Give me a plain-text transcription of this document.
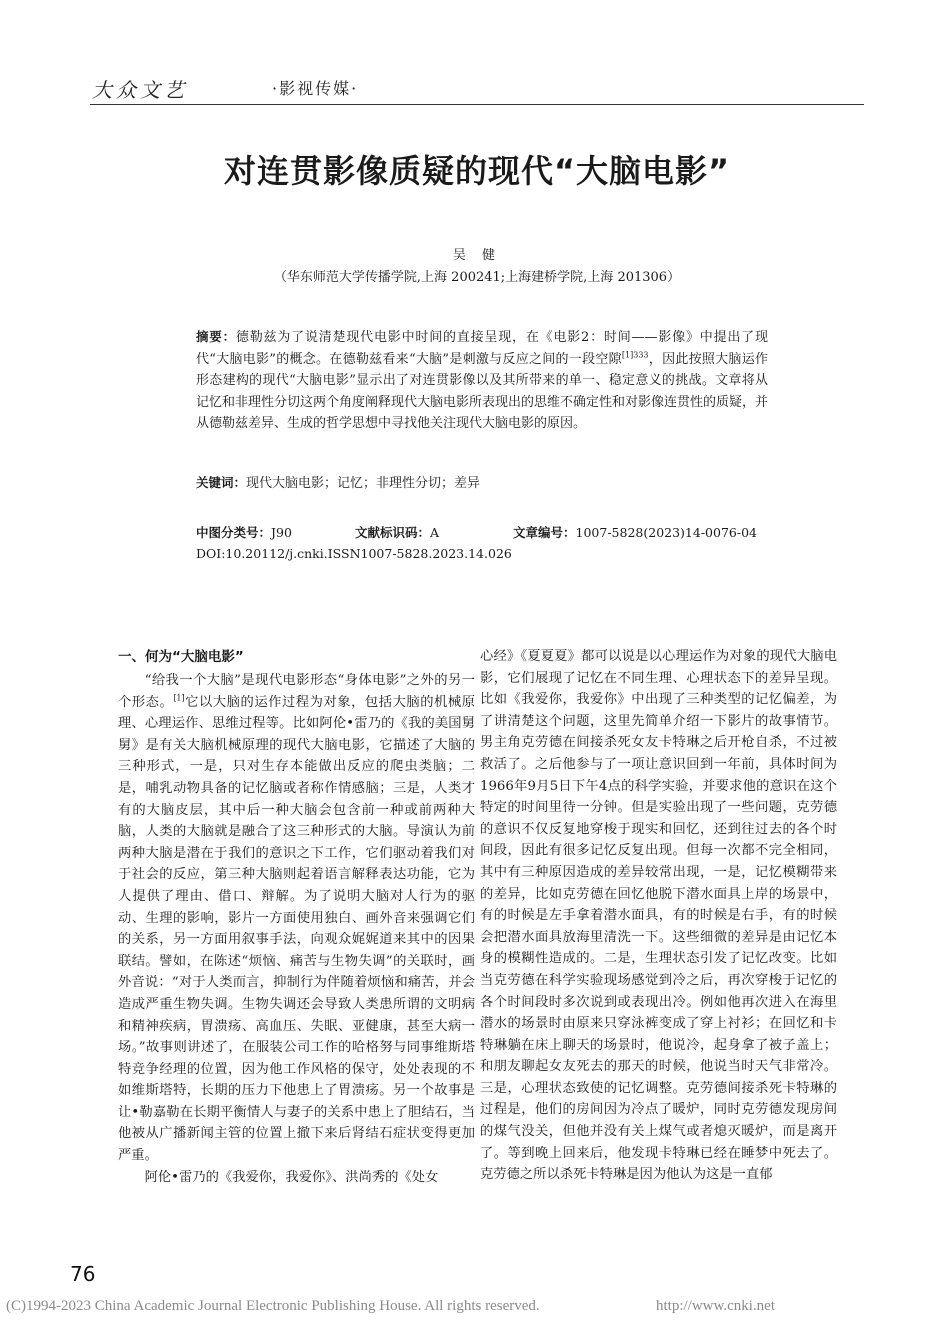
大众文艺	·影视传媒·
对连贯影像质疑的现代“大脑电影”
吴 健
（华东师范大学传播学院,上海 200241;上海建桥学院,上海 201306）
摘要：德勒兹为了说清楚现代电影中时间的直接呈现，在《电影2：时间——影像》中提出了现代“大脑电影”的概念。在德勒兹看来“大脑”是刺激与反应之间的一段空隙$^{[1]333}$，因此按照大脑运作形态建构的现代“大脑电影”显示出了对连贯影像以及其所带来的单一、稳定意义的挑战。文章将从记忆和非理性分切这两个角度阐释现代大脑电影所表现出的思维不确定性和对影像连贯性的质疑，并从德勒兹差异、生成的哲学思想中寻找他关注现代大脑电影的原因。
关键词：现代大脑电影；记忆；非理性分切；差异
中图分类号：J90	文献标识码：A	文章编号：1007-5828(2023)14-0076-04
DOI:10.20112/j.cnki.ISSN1007-5828.2023.14.026
一、何为“大脑电影”

“给我一个大脑”是现代电影形态“身体电影”之外的另一个形态。[1]它以大脑的运作过程为对象，包括大脑的机械原理、心理运作、思维过程等。比如阿伦•雷乃的《我的美国舅舅》是有关大脑机械原理的现代大脑电影，它描述了大脑的三种形式，一是，只对生存本能做出反应的爬虫类脑；二是，哺乳动物具备的记忆脑或者称作情感脑；三是，人类才有的大脑皮层，其中后一种大脑会包含前一种或前两种大脑，人类的大脑就是融合了这三种形式的大脑。导演认为前两种大脑是潜在于我们的意识之下工作，它们驱动着我们对于社会的反应，第三种大脑则起着语言解释表达功能，它为人提供了理由、借口、辩解。为了说明大脑对人行为的驱动、生理的影响，影片一方面使用独白、画外音来强调它们的关系，另一方面用叙事手法，向观众娓娓道来其中的因果联结。譬如，在陈述“烦恼、痛苦与生物失调”的关联时，画外音说：“对于人类而言，抑制行为伴随着烦恼和痛苦，并会造成严重生物失调。生物失调还会导致人类患所谓的文明病和精神疾病，胃溃疡、高血压、失眠、亚健康，甚至大病一场。”故事则讲述了，在服装公司工作的哈格努与同事维斯塔特竞争经理的位置，因为他工作风格的保守，处处表现的不如维斯塔特，长期的压力下他患上了胃溃疡。另一个故事是让•勒嘉勒在长期平衡情人与妻子的关系中患上了胆结石，当他被从广播新闻主管的位置上撤下来后肾结石症状变得更加严重。

阿伦•雷乃的《我爱你，我爱你》、洪尚秀的《处女

心经》《夏夏夏》都可以说是以心理运作为对象的现代大脑电影，它们展现了记忆在不同生理、心理状态下的差异呈现。比如《我爱你，我爱你》中出现了三种类型的记忆偏差，为了讲清楚这个问题，这里先简单介绍一下影片的故事情节。男主角克劳德在间接杀死女友卡特琳之后开枪自杀，不过被救活了。之后他参与了一项让意识回到一年前，具体时间为1966年9月5日下午4点的科学实验，并要求他的意识在这个特定的时间里待一分钟。但是实验出现了一些问题，克劳德的意识不仅反复地穿梭于现实和回忆，还到往过去的各个时间段，因此有很多记忆反复出现。但每一次都不完全相同，其中有三种原因造成的差异较常出现，一是，记忆模糊带来的差异，比如克劳德在回忆他脱下潜水面具上岸的场景中，有的时候是左手拿着潜水面具，有的时候是右手，有的时候会把潜水面具放海里清洗一下。这些细微的差异是由记忆本身的模糊性造成的。二是，生理状态引发了记忆改变。比如当克劳德在科学实验现场感觉到冷之后，再次穿梭于记忆的各个时间段时多次说到或表现出冷。例如他再次进入在海里潜水的场景时由原来只穿泳裤变成了穿上衬衫；在回忆和卡特琳躺在床上聊天的场景时，他说冷，起身拿了被子盖上；和朋友聊起女友死去的那天的时候，他说当时天气非常冷。三是，心理状态致使的记忆调整。克劳德间接杀死卡特琳的过程是，他们的房间因为冷点了暖炉，同时克劳德发现房间的煤气没关，但他并没有关上煤气或者熄灭暖炉，而是离开了。等到晚上回来后，他发现卡特琳已经在睡梦中死去了。克劳德之所以杀死卡特琳是因为他认为这是一直郁

76
(C)1994-2023 China Academic Journal Electronic Publishing House. All rights reserved.	http://www.cnki.net
